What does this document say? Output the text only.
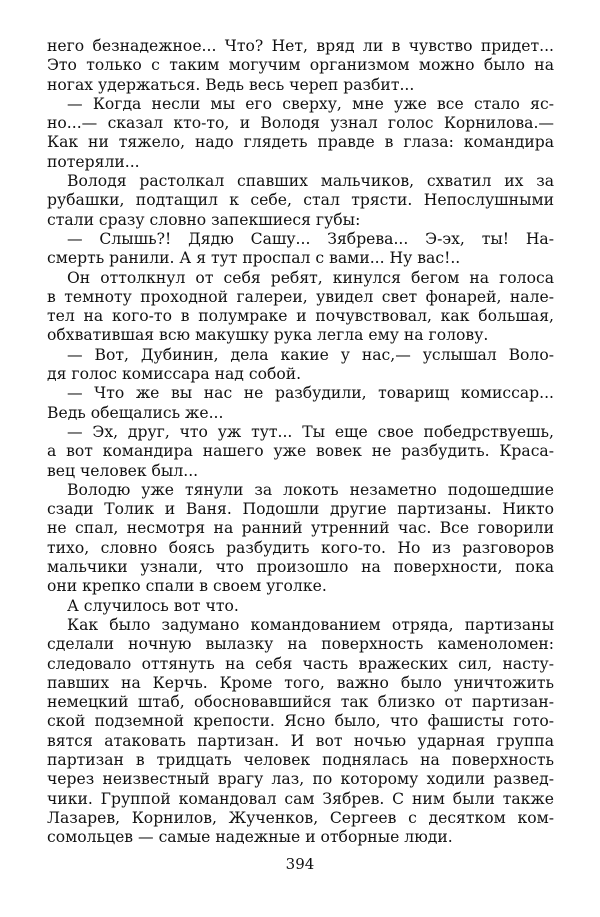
него безнадежное... Что? Нет, вряд ли в чувство придет...
Это только с таким могучим организмом можно было на
ногах удержаться. Ведь весь череп разбит...
— Когда несли мы его сверху, мне уже все стало яс-
но...— сказал кто-то, и Володя узнал голос Корнилова.—
Как ни тяжело, надо глядеть правде в глаза: командира
потеряли...
Володя растолкал спавших мальчиков, схватил их за
рубашки, подтащил к себе, стал трясти. Непослушными
стали сразу словно запекшиеся губы:
— Слышь?! Дядю Сашу... Зябрева... Э-эх, ты! На-
смерть ранили. А я тут проспал с вами... Ну вас!..
Он оттолкнул от себя ребят, кинулся бегом на голоса
в темноту проходной галереи, увидел свет фонарей, нале-
тел на кого-то в полумраке и почувствовал, как большая,
обхватившая всю макушку рука легла ему на голову.
— Вот, Дубинин, дела какие у нас,— услышал Воло-
дя голос комиссара над собой.
— Что же вы нас не разбудили, товарищ комиссар...
Ведь обещались же...
— Эх, друг, что уж тут... Ты еще свое победрствуешь,
а вот командира нашего уже вовек не разбудить. Краса-
вец человек был...
Володю уже тянули за локоть незаметно подошедшие
сзади Толик и Ваня. Подошли другие партизаны. Никто
не спал, несмотря на ранний утренний час. Все говорили
тихо, словно боясь разбудить кого-то. Но из разговоров
мальчики узнали, что произошло на поверхности, пока
они крепко спали в своем уголке.
А случилось вот что.
Как было задумано командованием отряда, партизаны
сделали ночную вылазку на поверхность каменоломен:
следовало оттянуть на себя часть вражеских сил, насту-
павших на Керчь. Кроме того, важно было уничтожить
немецкий штаб, обосновавшийся так близко от партизан-
ской подземной крепости. Ясно было, что фашисты гото-
вятся атаковать партизан. И вот ночью ударная группа
партизан в тридцать человек поднялась на поверхность
через неизвестный врагу лаз, по которому ходили развед-
чики. Группой командовал сам Зябрев. С ним были также
Лазарев, Корнилов, Жученков, Сергеев с десятком ком-
сомольцев — самые надежные и отборные люди.
394
